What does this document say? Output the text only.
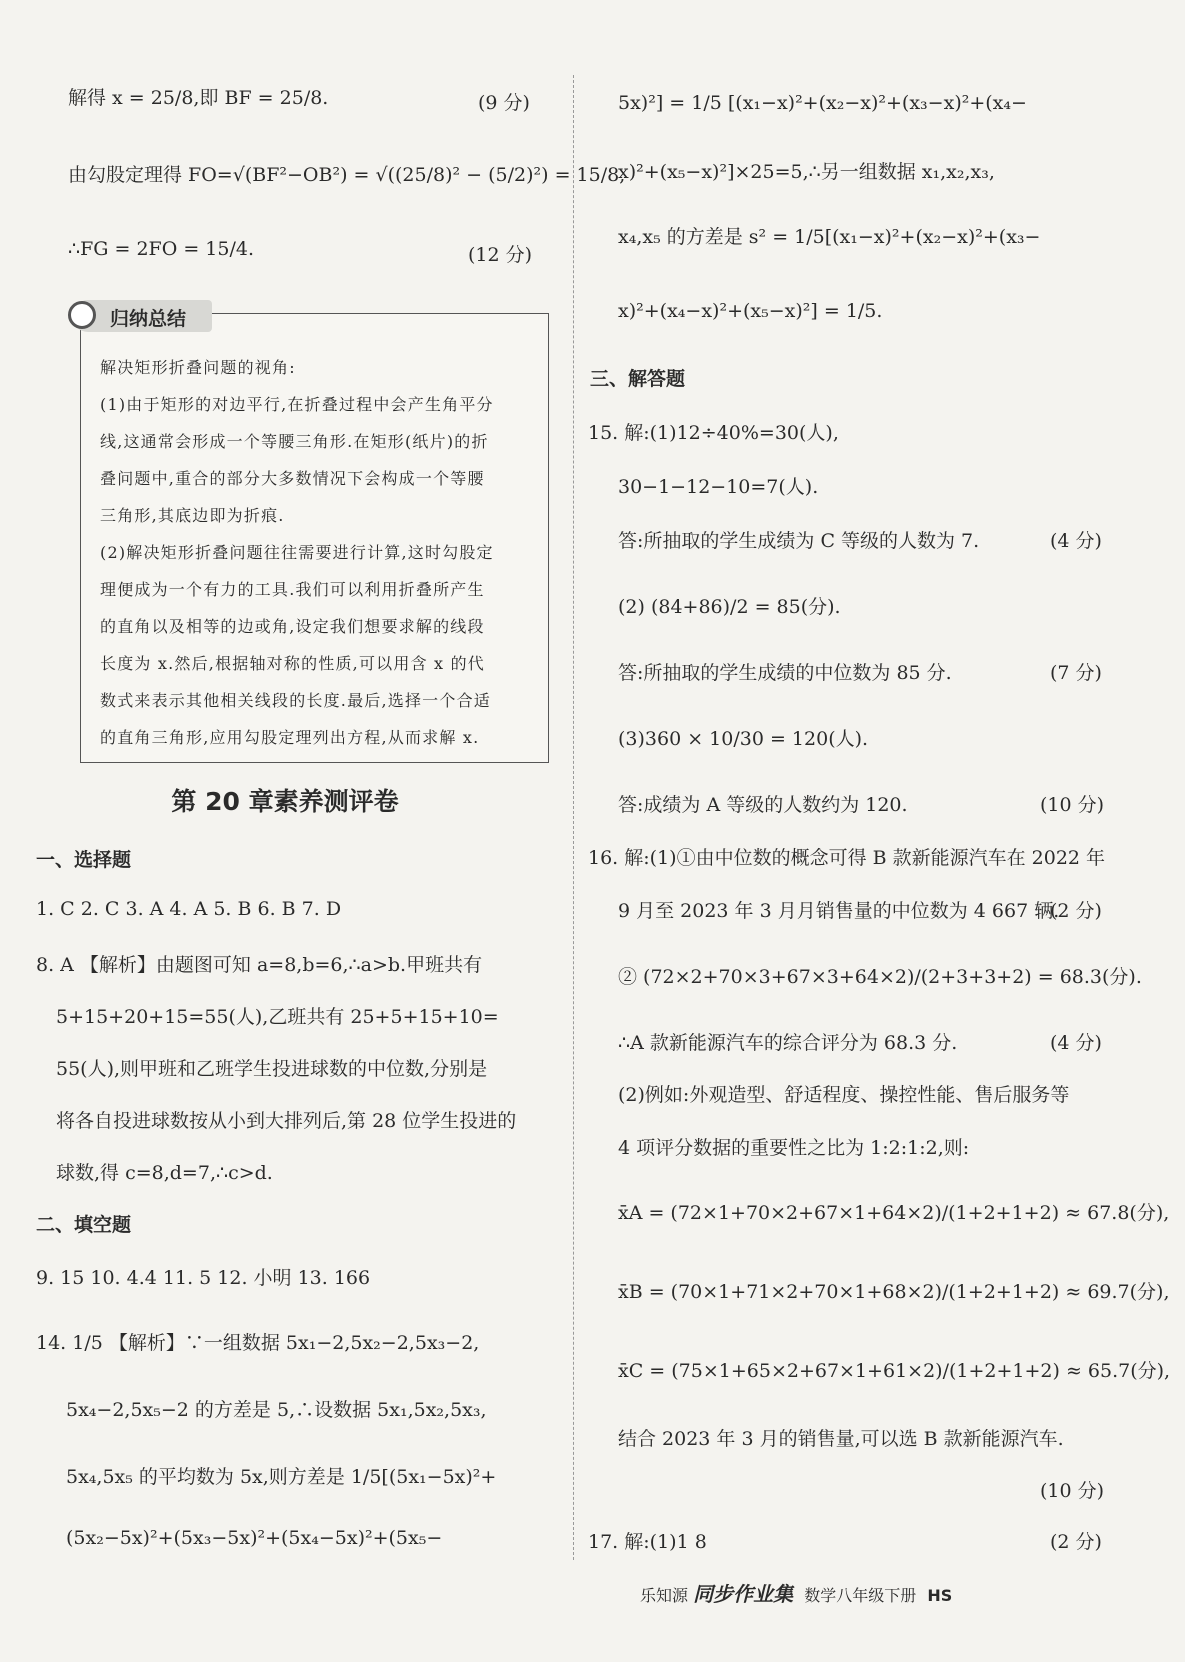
解得 x = 25/8,即 BF = 25/8.	(9 分)
由勾股定理得 FO=√(BF²−OB²) = √((25/8)² − (5/2)²) = 15/8,
∴FG = 2FO = 15/4.	(12 分)
归纳总结
解决矩形折叠问题的视角:
(1)由于矩形的对边平行,在折叠过程中会产生角平分
线,这通常会形成一个等腰三角形.在矩形(纸片)的折
叠问题中,重合的部分大多数情况下会构成一个等腰
三角形,其底边即为折痕.
(2)解决矩形折叠问题往往需要进行计算,这时勾股定
理便成为一个有力的工具.我们可以利用折叠所产生
的直角以及相等的边或角,设定我们想要求解的线段
长度为 x.然后,根据轴对称的性质,可以用含 x 的代
数式来表示其他相关线段的长度.最后,选择一个合适
的直角三角形,应用勾股定理列出方程,从而求解 x.
第 20 章素养测评卷
一、选择题
1. C 2. C 3. A 4. A 5. B 6. B 7. D
8. A 【解析】由题图可知 a=8,b=6,∴a>b.甲班共有
5+15+20+15=55(人),乙班共有 25+5+15+10=
55(人),则甲班和乙班学生投进球数的中位数,分别是
将各自投进球数按从小到大排列后,第 28 位学生投进的
球数,得 c=8,d=7,∴c>d.
二、填空题
9. 15 10. 4.4 11. 5 12. 小明 13. 166
14. 1/5 【解析】∵一组数据 5x₁−2,5x₂−2,5x₃−2,
5x₄−2,5x₅−2 的方差是 5,∴设数据 5x₁,5x₂,5x₃,
5x₄,5x₅ 的平均数为 5x,则方差是 1/5[(5x₁−5x)²+
(5x₂−5x)²+(5x₃−5x)²+(5x₄−5x)²+(5x₅−
5x)²] = 1/5 [(x₁−x)²+(x₂−x)²+(x₃−x)²+(x₄−
x)²+(x₅−x)²]×25=5,∴另一组数据 x₁,x₂,x₃,
x₄,x₅ 的方差是 s² = 1/5[(x₁−x)²+(x₂−x)²+(x₃−
x)²+(x₄−x)²+(x₅−x)²] = 1/5.
三、解答题
15. 解:(1)12÷40%=30(人),
30−1−12−10=7(人).
答:所抽取的学生成绩为 C 等级的人数为 7.	(4 分)
(2) (84+86)/2 = 85(分).
答:所抽取的学生成绩的中位数为 85 分.	(7 分)
(3)360 × 10/30 = 120(人).
答:成绩为 A 等级的人数约为 120.	(10 分)
16. 解:(1)①由中位数的概念可得 B 款新能源汽车在 2022 年
9 月至 2023 年 3 月月销售量的中位数为 4 667 辆.
(2 分)
② (72×2+70×3+67×3+64×2)/(2+3+3+2) = 68.3(分).
∴A 款新能源汽车的综合评分为 68.3 分.	(4 分)
(2)例如:外观造型、舒适程度、操控性能、售后服务等
4 项评分数据的重要性之比为 1:2:1:2,则:
x̄A = (72×1+70×2+67×1+64×2)/(1+2+1+2) ≈ 67.8(分),
x̄B = (70×1+71×2+70×1+68×2)/(1+2+1+2) ≈ 69.7(分),
x̄C = (75×1+65×2+67×1+61×2)/(1+2+1+2) ≈ 65.7(分),
结合 2023 年 3 月的销售量,可以选 B 款新能源汽车.
(10 分)
17. 解:(1)1 8	(2 分)
乐知源 同步作业集 数学八年级下册 HS
